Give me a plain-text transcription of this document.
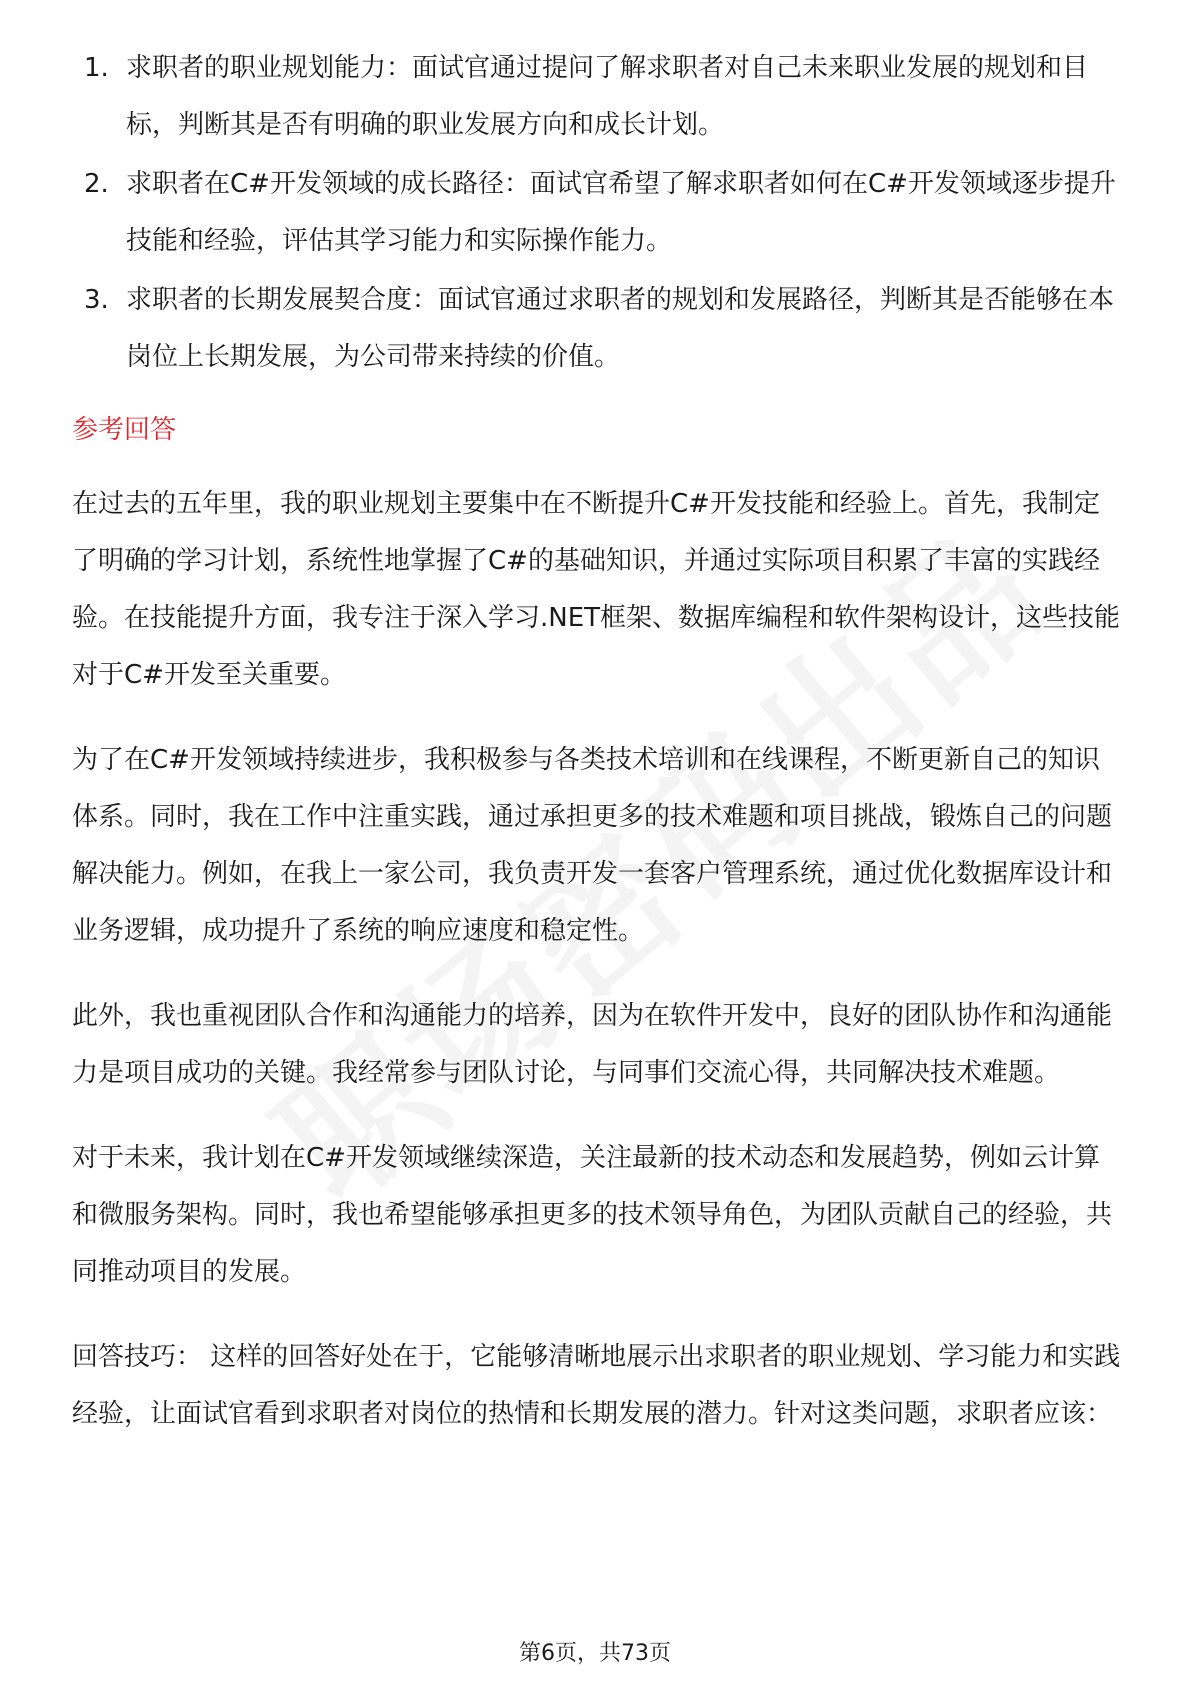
1. 求职者的职业规划能力：面试官通过提问了解求职者对自己未来职业发展的规划和目标，判断其是否有明确的职业发展方向和成长计划。
2. 求职者在C#开发领域的成长路径：面试官希望了解求职者如何在C#开发领域逐步提升技能和经验，评估其学习能力和实际操作能力。
3. 求职者的长期发展契合度：面试官通过求职者的规划和发展路径，判断其是否能够在本岗位上长期发展，为公司带来持续的价值。
参考回答

在过去的五年里，我的职业规划主要集中在不断提升C#开发技能和经验上。首先，我制定了明确的学习计划，系统性地掌握了C#的基础知识，并通过实际项目积累了丰富的实践经验。在技能提升方面，我专注于深入学习.NET框架、数据库编程和软件架构设计，这些技能对于C#开发至关重要。

为了在C#开发领域持续进步，我积极参与各类技术培训和在线课程，不断更新自己的知识体系。同时，我在工作中注重实践，通过承担更多的技术难题和项目挑战，锻炼自己的问题解决能力。例如，在我上一家公司，我负责开发一套客户管理系统，通过优化数据库设计和业务逻辑，成功提升了系统的响应速度和稳定性。

此外，我也重视团队合作和沟通能力的培养，因为在软件开发中，良好的团队协作和沟通能力是项目成功的关键。我经常参与团队讨论，与同事们交流心得，共同解决技术难题。

对于未来，我计划在C#开发领域继续深造，关注最新的技术动态和发展趋势，例如云计算和微服务架构。同时，我也希望能够承担更多的技术领导角色，为团队贡献自己的经验，共同推动项目的发展。

回答技巧： 这样的回答好处在于，它能够清晰地展示出求职者的职业规划、学习能力和实践经验，让面试官看到求职者对岗位的热情和长期发展的潜力。针对这类问题，求职者应该：

第6页，共73页
